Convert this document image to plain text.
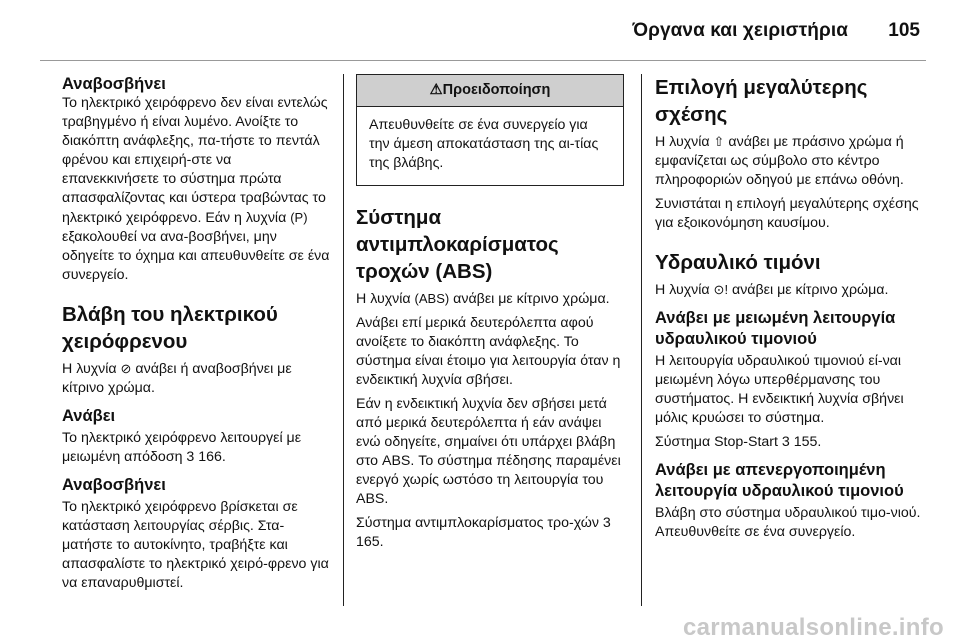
Όργανα και χειριστήρια 105
Αναβοσβήνει

Το ηλεκτρικό χειρόφρενο δεν είναι εντελώς τραβηγμένο ή είναι λυμένο. Ανοίξτε το διακόπτη ανάφλεξης, πα-τήστε το πεντάλ φρένου και επιχειρή-στε να επανεκκινήσετε το σύστημα πρώτα απασφαλίζοντας και ύστερα τραβώντας το ηλεκτρικό χειρόφρενο. Εάν η λυχνία (P) εξακολουθεί να ανα-βοσβήνει, μην οδηγείτε το όχημα και απευθυνθείτε σε ένα συνεργείο.

Βλάβη του ηλεκτρικού χειρόφρενου

Η λυχνία ⊘ ανάβει ή αναβοσβήνει με κίτρινο χρώμα.

Ανάβει

Το ηλεκτρικό χειρόφρενο λειτουργεί με μειωμένη απόδοση 3 166.

Αναβοσβήνει

Το ηλεκτρικό χειρόφρενο βρίσκεται σε κατάσταση λειτουργίας σέρβις. Στα-ματήστε το αυτοκίνητο, τραβήξτε και απασφαλίστε το ηλεκτρικό χειρό-φρενο για να επαναρυθμιστεί.

⚠Προειδοποίηση
Απευθυνθείτε σε ένα συνεργείο για την άμεση αποκατάσταση της αι-τίας της βλάβης.
Σύστημα αντιμπλοκαρίσματος τροχών (ABS)

Η λυχνία (ABS) ανάβει με κίτρινο χρώμα.

Ανάβει επί μερικά δευτερόλεπτα αφού ανοίξετε το διακόπτη ανάφλεξης. Το σύστημα είναι έτοιμο για λειτουργία όταν η ενδεικτική λυχνία σβήσει.

Εάν η ενδεικτική λυχνία δεν σβήσει μετά από μερικά δευτερόλεπτα ή εάν ανάψει ενώ οδηγείτε, σημαίνει ότι υπάρχει βλάβη στο ABS. Το σύστημα πέδησης παραμένει ενεργό χωρίς ωστόσο τη λειτουργία του ABS.

Σύστημα αντιμπλοκαρίσματος τρο-χών 3 165.

Επιλογή μεγαλύτερης σχέσης

Η λυχνία ⇧ ανάβει με πράσινο χρώμα ή εμφανίζεται ως σύμβολο στο κέντρο πληροφοριών οδηγού με επάνω οθόνη.

Συνιστάται η επιλογή μεγαλύτερης σχέσης για εξοικονόμηση καυσίμου.

Υδραυλικό τιμόνι

Η λυχνία ⊙! ανάβει με κίτρινο χρώμα.

Ανάβει με μειωμένη λειτουργία υδραυλικού τιμονιού

Η λειτουργία υδραυλικού τιμονιού εί-ναι μειωμένη λόγω υπερθέρμανσης του συστήματος. Η ενδεικτική λυχνία σβήνει μόλις κρυώσει το σύστημα.

Σύστημα Stop-Start 3 155.

Ανάβει με απενεργοποιημένη λειτουργία υδραυλικού τιμονιού

Βλάβη στο σύστημα υδραυλικού τιμο-νιού. Απευθυνθείτε σε ένα συνεργείο.

carmanualsonline.info
